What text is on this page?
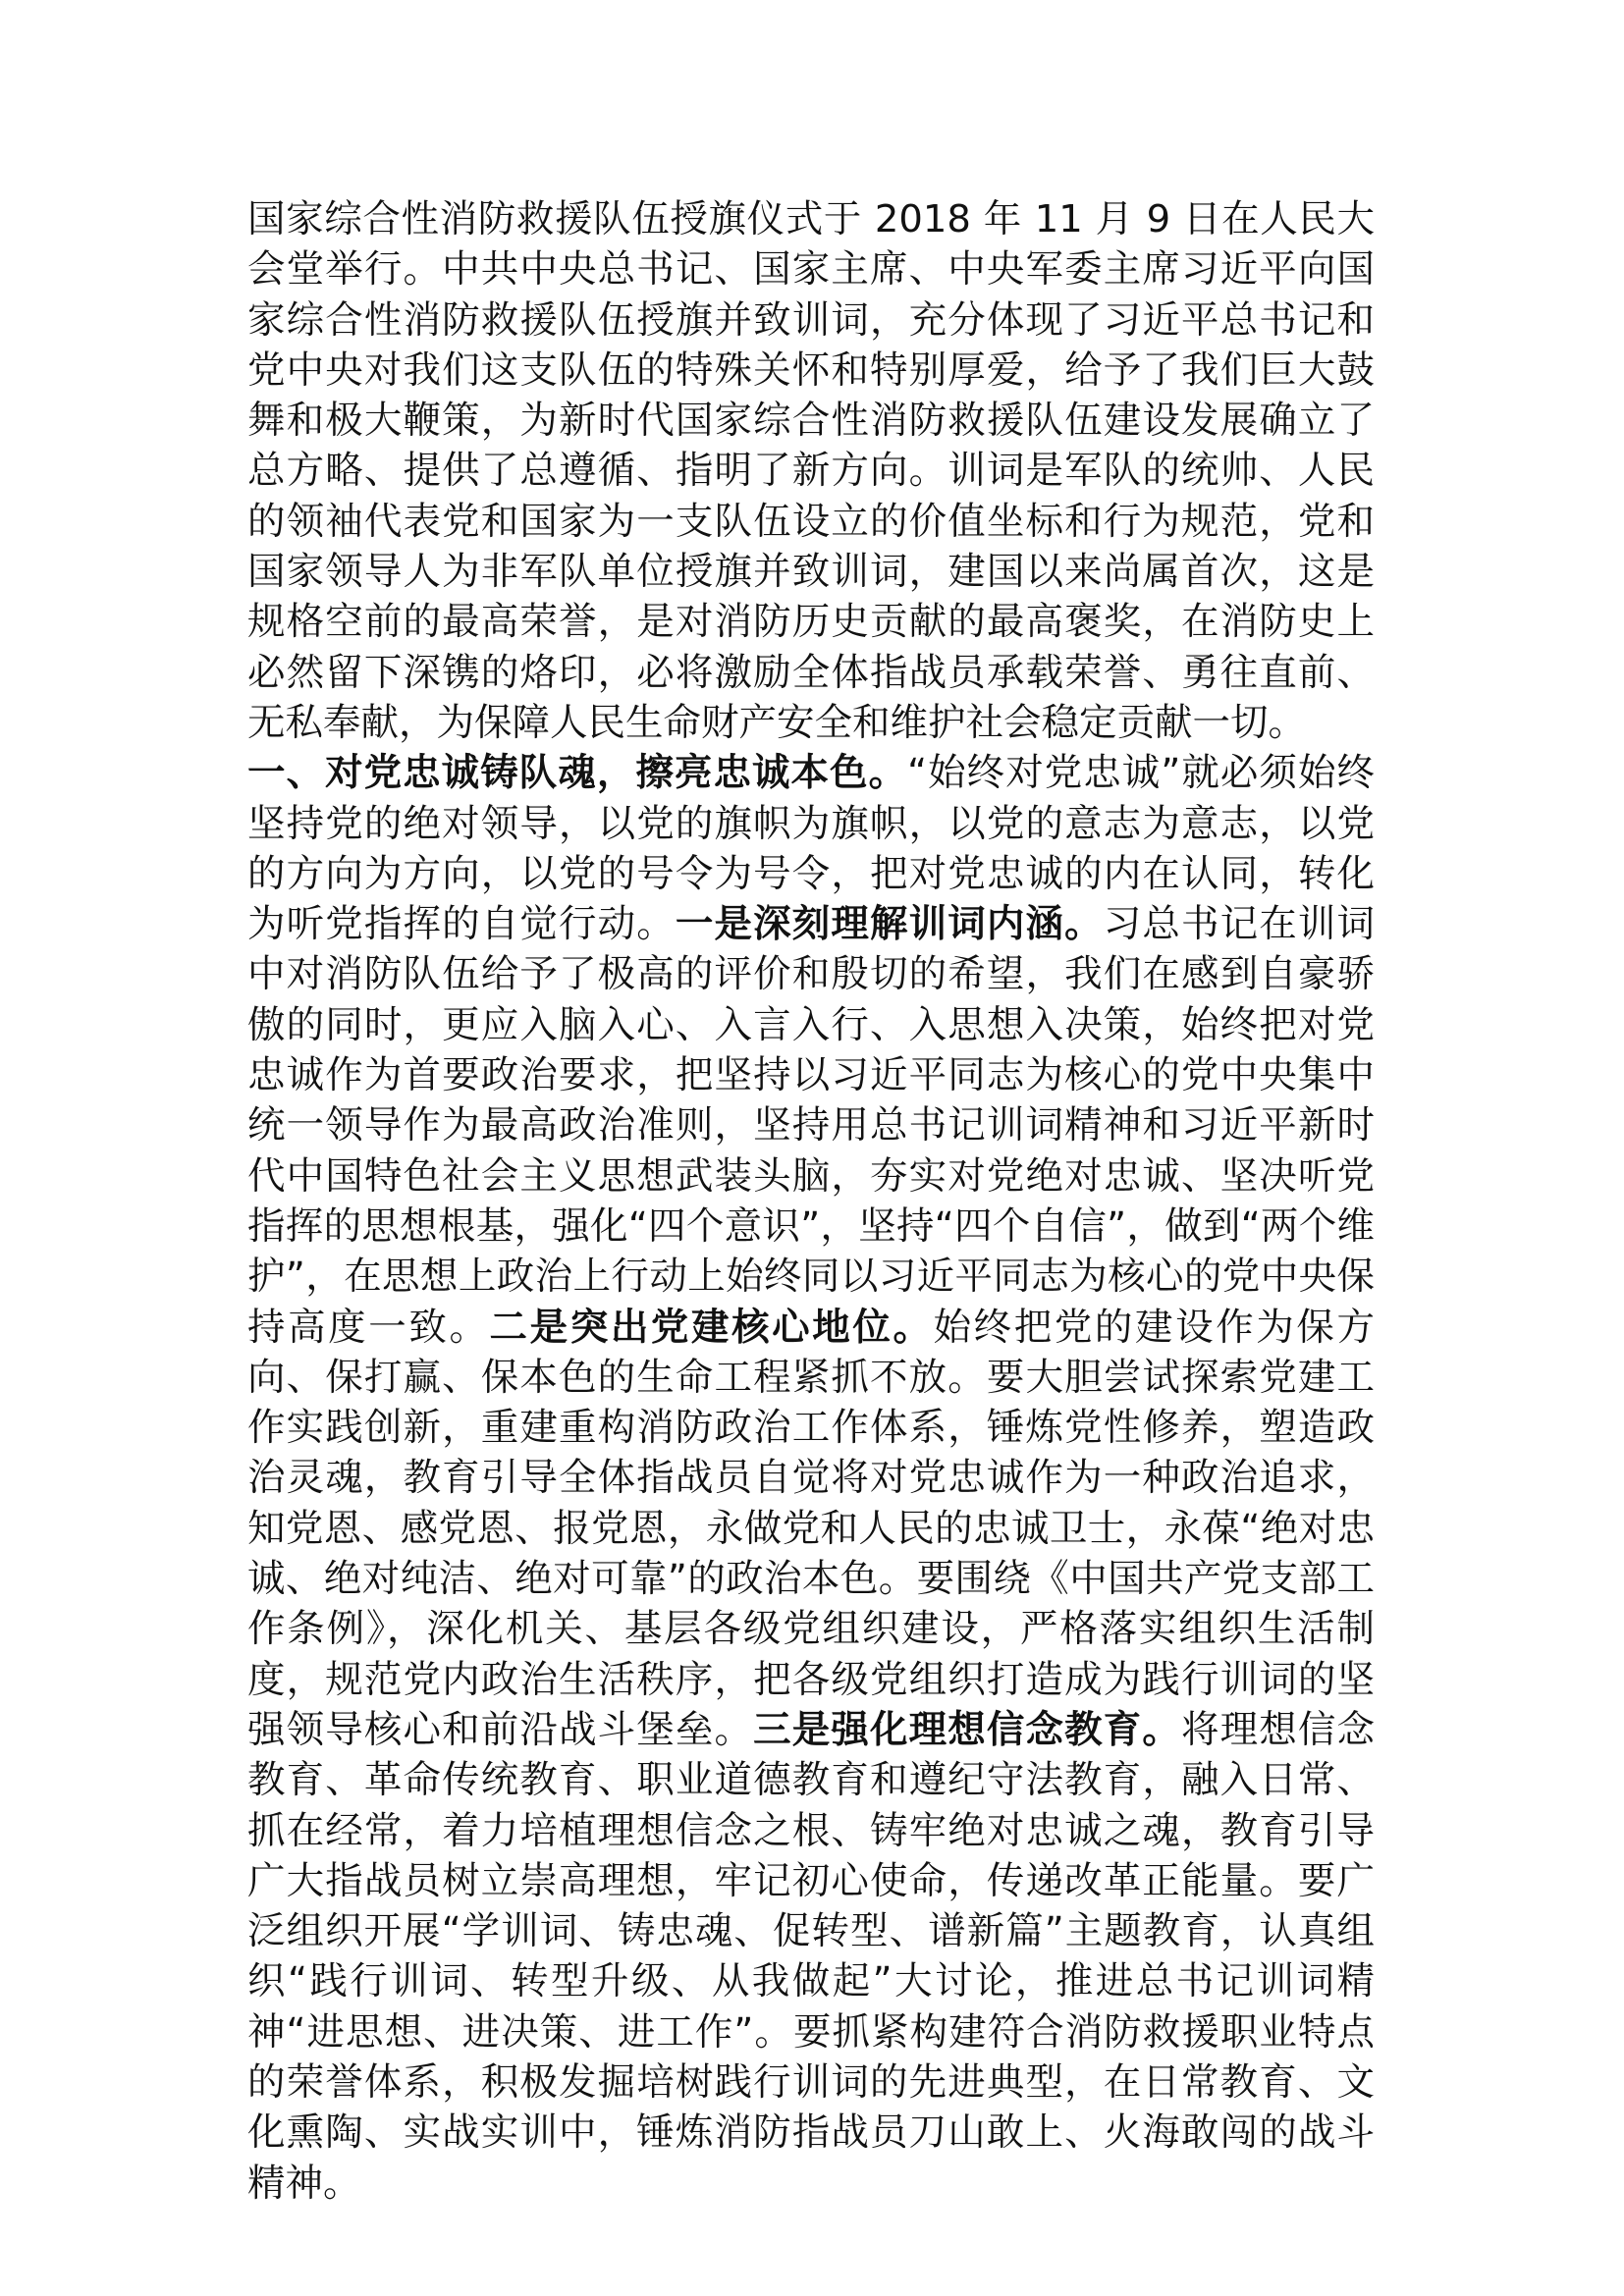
国家综合性消防救援队伍授旗仪式于 2018 年 11 月 9 日在人民大会堂举行。中共中央总书记、国家主席、中央军委主席习近平向国家综合性消防救援队伍授旗并致训词，充分体现了习近平总书记和党中央对我们这支队伍的特殊关怀和特别厚爱，给予了我们巨大鼓舞和极大鞭策，为新时代国家综合性消防救援队伍建设发展确立了总方略、提供了总遵循、指明了新方向。训词是军队的统帅、人民的领袖代表党和国家为一支队伍设立的价值坐标和行为规范，党和国家领导人为非军队单位授旗并致训词，建国以来尚属首次，这是规格空前的最高荣誉，是对消防历史贡献的最高褒奖，在消防史上必然留下深镌的烙印，必将激励全体指战员承载荣誉、勇往直前、无私奉献，为保障人民生命财产安全和维护社会稳定贡献一切。

一、对党忠诚铸队魂，擦亮忠诚本色。“始终对党忠诚”就必须始终坚持党的绝对领导，以党的旗帜为旗帜，以党的意志为意志，以党的方向为方向，以党的号令为号令，把对党忠诚的内在认同，转化为听党指挥的自觉行动。一是深刻理解训词内涵。习总书记在训词中对消防队伍给予了极高的评价和殷切的希望，我们在感到自豪骄傲的同时，更应入脑入心、入言入行、入思想入决策，始终把对党忠诚作为首要政治要求，把坚持以习近平同志为核心的党中央集中统一领导作为最高政治准则，坚持用总书记训词精神和习近平新时代中国特色社会主义思想武装头脑，夯实对党绝对忠诚、坚决听党指挥的思想根基，强化“四个意识”，坚持“四个自信”，做到“两个维护”，在思想上政治上行动上始终同以习近平同志为核心的党中央保持高度一致。二是突出党建核心地位。始终把党的建设作为保方向、保打赢、保本色的生命工程紧抓不放。要大胆尝试探索党建工作实践创新，重建重构消防政治工作体系，锤炼党性修养，塑造政治灵魂，教育引导全体指战员自觉将对党忠诚作为一种政治追求，知党恩、感党恩、报党恩，永做党和人民的忠诚卫士，永葆“绝对忠诚、绝对纯洁、绝对可靠”的政治本色。要围绕《中国共产党支部工作条例》，深化机关、基层各级党组织建设，严格落实组织生活制度，规范党内政治生活秩序，把各级党组织打造成为践行训词的坚强领导核心和前沿战斗堡垒。三是强化理想信念教育。将理想信念教育、革命传统教育、职业道德教育和遵纪守法教育，融入日常、抓在经常，着力培植理想信念之根、铸牢绝对忠诚之魂，教育引导广大指战员树立崇高理想，牢记初心使命，传递改革正能量。要广泛组织开展“学训词、铸忠魂、促转型、谱新篇”主题教育，认真组织“践行训词、转型升级、从我做起”大讨论，推进总书记训词精神“进思想、进决策、进工作”。要抓紧构建符合消防救援职业特点的荣誉体系，积极发掘培树践行训词的先进典型，在日常教育、文化熏陶、实战实训中，锤炼消防指战员刀山敢上、火海敢闯的战斗精神。
